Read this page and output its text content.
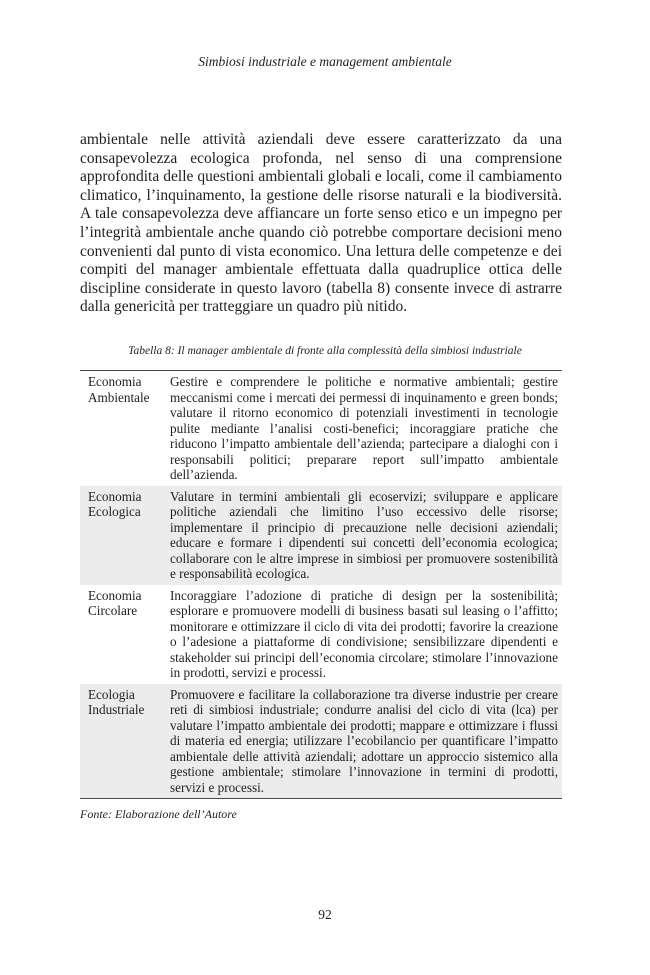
Simbiosi industriale e management ambientale

ambientale nelle attività aziendali deve essere caratterizzato da una consapevolezza ecologica profonda, nel senso di una comprensione approfondita delle questioni ambientali globali e locali, come il cambiamento climatico, l’inquinamento, la gestione delle risorse naturali e la biodiversità. A tale consapevolezza deve affiancare un forte senso etico e un impegno per l’integrità ambientale anche quando ciò potrebbe comportare decisioni meno convenienti dal punto di vista economico. Una lettura delle competenze e dei compiti del manager ambientale effettuata dalla quadruplice ottica delle discipline considerate in questo lavoro (tabella 8) consente invece di astrarre dalla genericità per tratteggiare un quadro più nitido.

Tabella 8: Il manager ambientale di fronte alla complessità della simbiosi industriale
Economia Ambientale
Gestire e comprendere le politiche e normative ambientali; gestire meccanismi come i mercati dei permessi di inquinamento e green bonds; valutare il ritorno economico di potenziali investimenti in tecnologie pulite mediante l’analisi costi-benefici; incoraggiare pratiche che riducono l’impatto ambientale dell’azienda; partecipare a dialoghi con i responsabili politici; preparare report sull’impatto ambientale dell’azienda.
Economia Ecologica
Valutare in termini ambientali gli ecoservizi; sviluppare e applicare politiche aziendali che limitino l’uso eccessivo delle risorse; implementare il principio di precauzione nelle decisioni aziendali; educare e formare i dipendenti sui concetti dell’economia ecologica; collaborare con le altre imprese in simbiosi per promuovere sostenibilità e responsabilità ecologica.
Economia Circolare
Incoraggiare l’adozione di pratiche di design per la sostenibilità; esplorare e promuovere modelli di business basati sul leasing o l’affitto; monitorare e ottimizzare il ciclo di vita dei prodotti; favorire la creazione o l’adesione a piattaforme di condivisione; sensibilizzare dipendenti e stakeholder sui principi dell’economia circolare; stimolare l’innovazione in prodotti, servizi e processi.
Ecologia Industriale
Promuovere e facilitare la collaborazione tra diverse industrie per creare reti di simbiosi industriale; condurre analisi del ciclo di vita (lca) per valutare l’impatto ambientale dei prodotti; mappare e ottimizzare i flussi di materia ed energia; utilizzare l’ecobilancio per quantificare l’impatto ambientale delle attività aziendali; adottare un approccio sistemico alla gestione ambientale; stimolare l’innovazione in termini di prodotti, servizi e processi.
Fonte: Elaborazione dell’Autore
92
